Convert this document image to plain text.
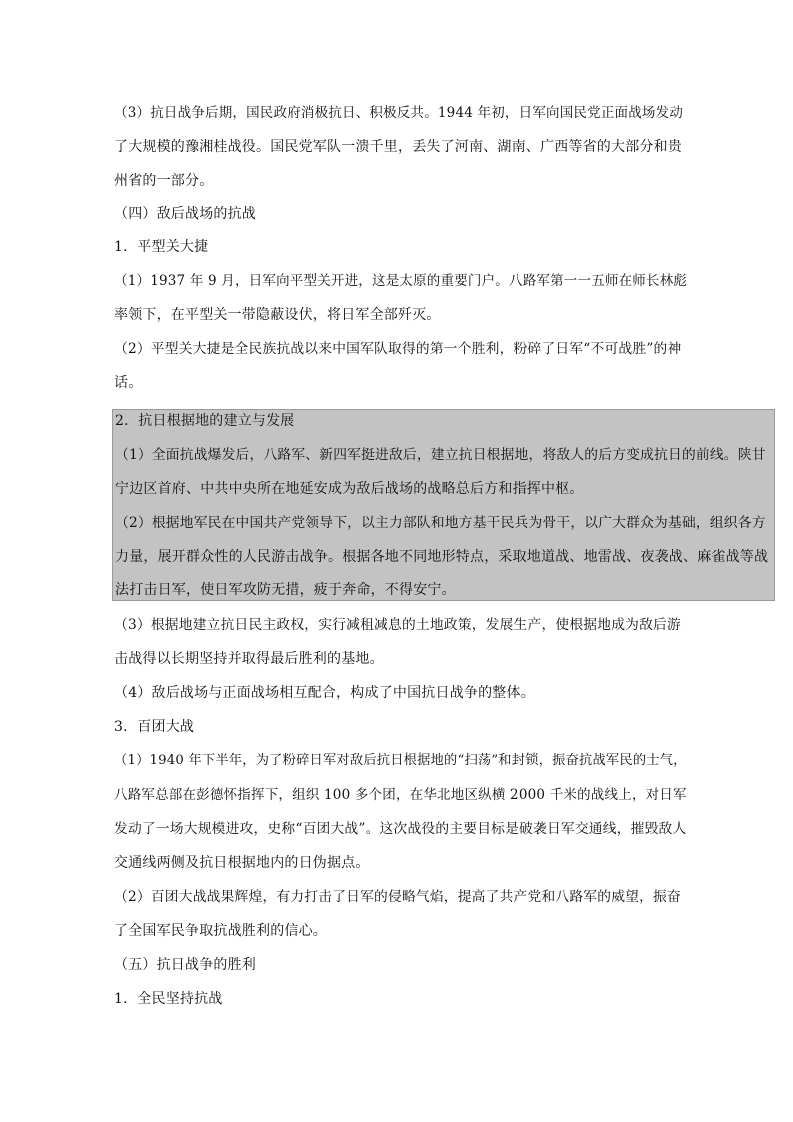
（3）抗日战争后期，国民政府消极抗日、积极反共。1944 年初，日军向国民党正面战场发动
了大规模的豫湘桂战役。国民党军队一溃千里，丢失了河南、湖南、广西等省的大部分和贵
州省的一部分。
（四）敌后战场的抗战
1．平型关大捷
（1）1937 年 9 月，日军向平型关开进，这是太原的重要门户。八路军第一一五师在师长林彪
率领下，在平型关一带隐蔽设伏，将日军全部歼灭。
（2）平型关大捷是全民族抗战以来中国军队取得的第一个胜利，粉碎了日军“不可战胜”的神
话。
2．抗日根据地的建立与发展
（1）全面抗战爆发后，八路军、新四军挺进敌后，建立抗日根据地，将敌人的后方变成抗日的前线。陕甘
宁边区首府、中共中央所在地延安成为敌后战场的战略总后方和指挥中枢。
（2）根据地军民在中国共产党领导下，以主力部队和地方基干民兵为骨干，以广大群众为基础，组织各方
力量，展开群众性的人民游击战争。根据各地不同地形特点，采取地道战、地雷战、夜袭战、麻雀战等战
法打击日军，使日军攻防无措，疲于奔命，不得安宁。
（3）根据地建立抗日民主政权，实行减租减息的土地政策，发展生产，使根据地成为敌后游
击战得以长期坚持并取得最后胜利的基地。
（4）敌后战场与正面战场相互配合，构成了中国抗日战争的整体。
3．百团大战
（1）1940 年下半年，为了粉碎日军对敌后抗日根据地的“扫荡”和封锁，振奋抗战军民的士气，
八路军总部在彭德怀指挥下，组织 100 多个团，在华北地区纵横 2000 千米的战线上，对日军
发动了一场大规模进攻，史称“百团大战”。这次战役的主要目标是破袭日军交通线，摧毁敌人
交通线两侧及抗日根据地内的日伪据点。
（2）百团大战战果辉煌，有力打击了日军的侵略气焰，提高了共产党和八路军的威望，振奋
了全国军民争取抗战胜利的信心。
（五）抗日战争的胜利
1．全民坚持抗战
